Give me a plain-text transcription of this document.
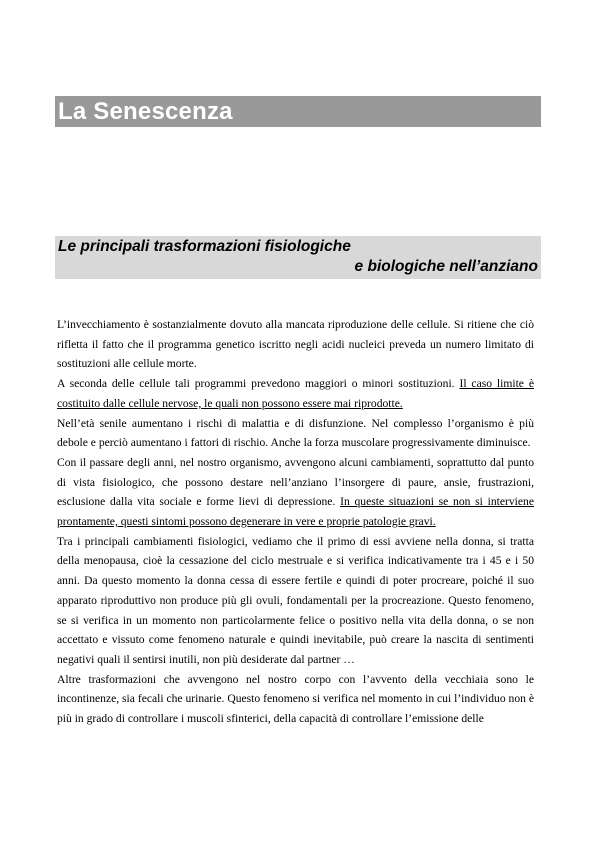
La Senescenza
Le principali trasformazioni fisiologiche
e biologiche nell’anziano

L’invecchiamento è sostanzialmente dovuto alla mancata riproduzione delle cellule. Si ritiene che ciò rifletta il fatto che il programma genetico iscritto negli acidi nucleici preveda un numero limitato di sostituzioni alle cellule morte.

A seconda delle cellule tali programmi prevedono maggiori o minori sostituzioni. Il caso limite è costituito dalle cellule nervose, le quali non possono essere mai riprodotte.

Nell’età senile aumentano i rischi di malattia e di disfunzione. Nel complesso l’organismo è più debole e perciò aumentano i fattori di rischio. Anche la forza muscolare progressivamente diminuisce.

Con il passare degli anni, nel nostro organismo, avvengono alcuni cambiamenti, soprattutto dal punto di vista fisiologico, che possono destare nell’anziano l’insorgere di paure, ansie, frustrazioni, esclusione dalla vita sociale e forme lievi di depressione. In queste situazioni se non si interviene prontamente, questi sintomi possono degenerare in vere e proprie patologie gravi.

Tra i principali cambiamenti fisiologici, vediamo che il primo di essi avviene nella donna, si tratta della menopausa, cioè la cessazione del ciclo mestruale e si verifica indicativamente tra i 45 e i 50 anni. Da questo momento la donna cessa di essere fertile e quindi di poter procreare, poiché il suo apparato riproduttivo non produce più gli ovuli, fondamentali per la procreazione. Questo fenomeno, se si verifica in un momento non particolarmente felice o positivo nella vita della donna, o se non accettato e vissuto come fenomeno naturale e quindi inevitabile, può creare la nascita di sentimenti negativi quali il sentirsi inutili, non più desiderate dal partner …

Altre trasformazioni che avvengono nel nostro corpo con l’avvento della vecchiaia sono le incontinenze, sia fecali che urinarie. Questo fenomeno si verifica nel momento in cui l’individuo non è più in grado di controllare i muscoli sfinterici, della capacità di controllare l’emissione delle
